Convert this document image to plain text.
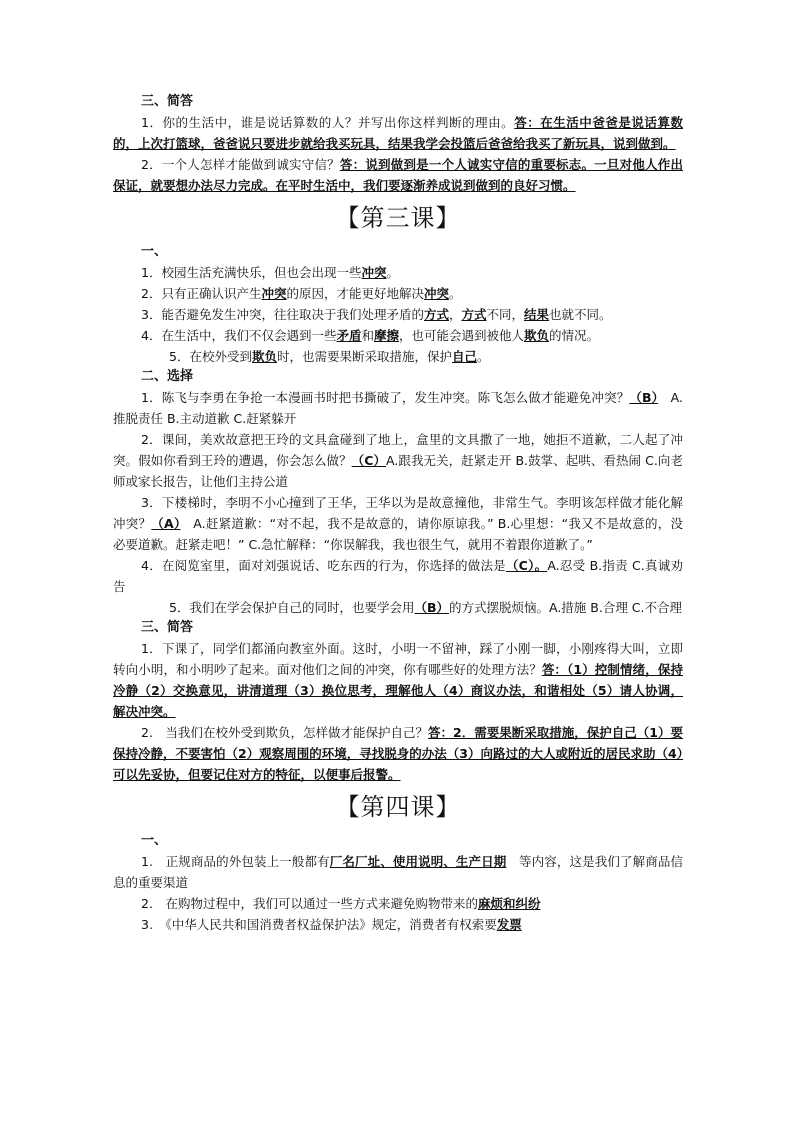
三、简答

1．你的生活中，谁是说话算数的人？并写出你这样判断的理由。答：在生活中爸爸是说话算数的，上次打篮球，爸爸说只要进步就给我买玩具，结果我学会投篮后爸爸给我买了新玩具，说到做到。

2．一个人怎样才能做到诚实守信？答：说到做到是一个人诚实守信的重要标志。一旦对他人作出保证，就要想办法尽力完成。在平时生活中，我们要逐渐养成说到做到的良好习惯。

【第三课】
一、

1．校园生活充满快乐，但也会出现一些冲突。

2．只有正确认识产生冲突的原因，才能更好地解决冲突。

3．能否避免发生冲突，往往取决于我们处理矛盾的方式，方式不同，结果也就不同。

4．在生活中，我们不仅会遇到一些矛盾和摩擦，也可能会遇到被他人欺负的情况。

5．在校外受到欺负时，也需要果断采取措施，保护自己。

二、选择

1．陈飞与李勇在争抢一本漫画书时把书撕破了，发生冲突。陈飞怎么做才能避免冲突？（B）　A.推脱责任 B.主动道歉 C.赶紧躲开

2．课间，美欢故意把王玲的文具盒碰到了地上，盒里的文具撒了一地，她拒不道歉，二人起了冲突。假如你看到王玲的遭遇，你会怎么做？（C）A.跟我无关，赶紧走开 B.鼓掌、起哄、看热闹 C.向老师或家长报告，让他们主持公道

3．下楼梯时，李明不小心撞到了王华，王华以为是故意撞他，非常生气。李明该怎样做才能化解冲突？（A）　A.赶紧道歉：“对不起，我不是故意的，请你原谅我。” B.心里想：“我又不是故意的，没必要道歉。赶紧走吧！” C.急忙解释：“你误解我，我也很生气，就用不着跟你道歉了。”

4．在阅览室里，面对刘强说话、吃东西的行为，你选择的做法是（C）。A.忍受 B.指责 C.真诚劝告

5．我们在学会保护自己的同时，也要学会用（B）的方式摆脱烦恼。A.措施 B.合理 C.不合理

三、简答

1．下课了，同学们都涌向教室外面。这时，小明一不留神，踩了小刚一脚，小刚疼得大叫，立即转向小明，和小明吵了起来。面对他们之间的冲突，你有哪些好的处理方法？答：（1）控制情绪，保持冷静（2）交换意见，讲清道理（3）换位思考，理解他人（4）商议办法，和谐相处（5）请人协调，解决冲突。

2.　当我们在校外受到欺负，怎样做才能保护自己？答：2．需要果断采取措施，保护自己（1）要保持冷静，不要害怕（2）观察周围的环境，寻找脱身的办法（3）向路过的大人或附近的居民求助（4）可以先妥协，但要记住对方的特征，以便事后报警。

【第四课】
一、

1.　正规商品的外包装上一般都有厂名厂址、使用说明、生产日期　等内容，这是我们了解商品信息的重要渠道

2.　在购物过程中，我们可以通过一些方式来避免购物带来的麻烦和纠纷

3.　《中华人民共和国消费者权益保护法》规定，消费者有权索要发票
